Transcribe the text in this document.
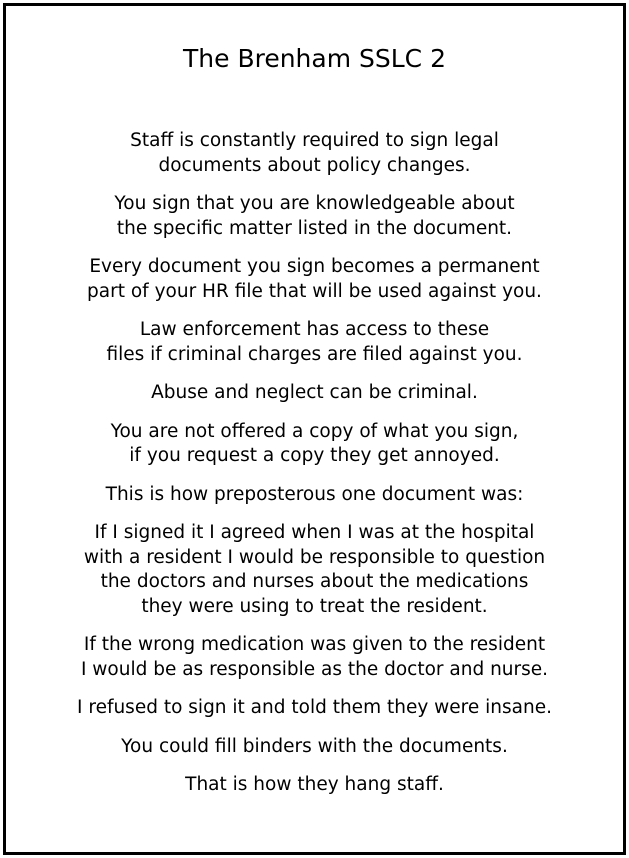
The Brenham SSLC 2

Staff is constantly required to sign legal
documents about policy changes.

You sign that you are knowledgeable about
the specific matter listed in the document.

Every document you sign becomes a permanent
part of your HR file that will be used against you.

Law enforcement has access to these
files if criminal charges are filed against you.

Abuse and neglect can be criminal.

You are not offered a copy of what you sign,
if you request a copy they get annoyed.

This is how preposterous one document was:

If I signed it I agreed when I was at the hospital
with a resident I would be responsible to question
the doctors and nurses about the medications
they were using to treat the resident.

If the wrong medication was given to the resident
I would be as responsible as the doctor and nurse.

I refused to sign it and told them they were insane.

You could fill binders with the documents.

That is how they hang staff.
